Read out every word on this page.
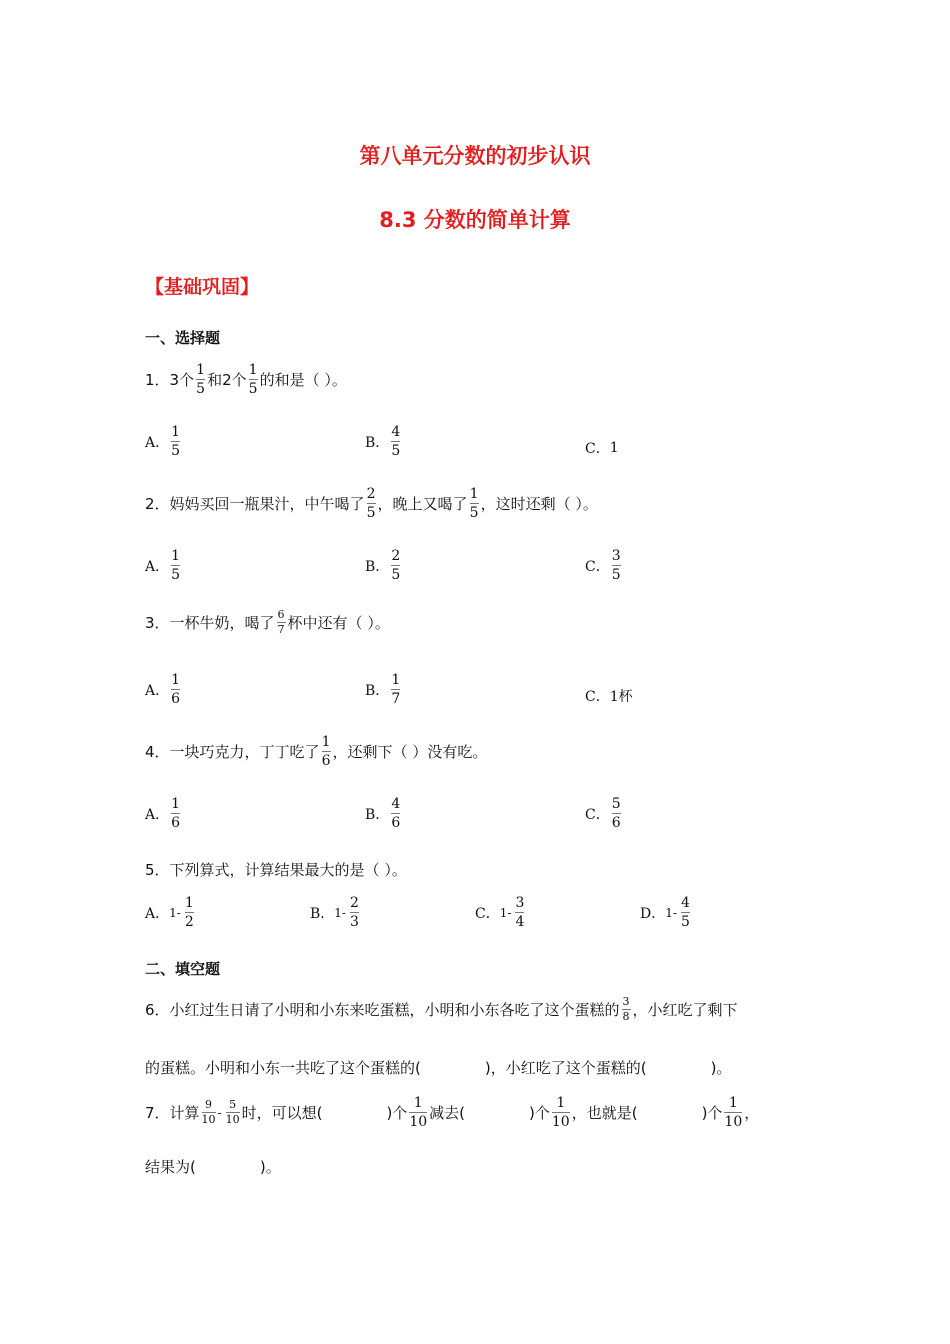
第八单元分数的初步认识
8.3 分数的简单计算
【基础巩固】
一、选择题
1．3个 $\frac{1}{5}$ 和2个 $\frac{1}{5}$ 的和是（ ）。
A． $\frac{1}{5}$	B． $\frac{4}{5}$	C． 1
2．妈妈买回一瓶果汁，中午喝了 $\frac{2}{5}$ ，晚上又喝了 $\frac{1}{5}$ ，这时还剩（ ）。
A． $\frac{1}{5}$	B． $\frac{2}{5}$	C． $\frac{3}{5}$
3．一杯牛奶，喝了 $\frac{6}{7}$ 杯中还有（ ）。
A． $\frac{1}{6}$	B． $\frac{1}{7}$	C． 1杯
4．一块巧克力，丁丁吃了 $\frac{1}{6}$ ，还剩下（ ）没有吃。
A． $\frac{1}{6}$	B． $\frac{4}{6}$	C． $\frac{5}{6}$
5．下列算式，计算结果最大的是（ ）。
A． $1- \frac{1}{2}$	B． $1- \frac{2}{3}$	C． $1- \frac{3}{4}$	D． $1- \frac{4}{5}$
二、填空题
6．小红过生日请了小明和小东来吃蛋糕，小明和小东各吃了这个蛋糕的 $\frac{3}{8}$ ，小红吃了剩下
的蛋糕。小明和小东一共吃了这个蛋糕的(	)，小红吃了这个蛋糕的(	)。
7．计算 $\frac{9}{10} - \frac{5}{10}$ 时，可以想(	)个 $\frac{1}{10}$ 减去(	)个 $\frac{1}{10}$ ，也就是(	)个 $\frac{1}{10}$ ，
结果为(	)。
